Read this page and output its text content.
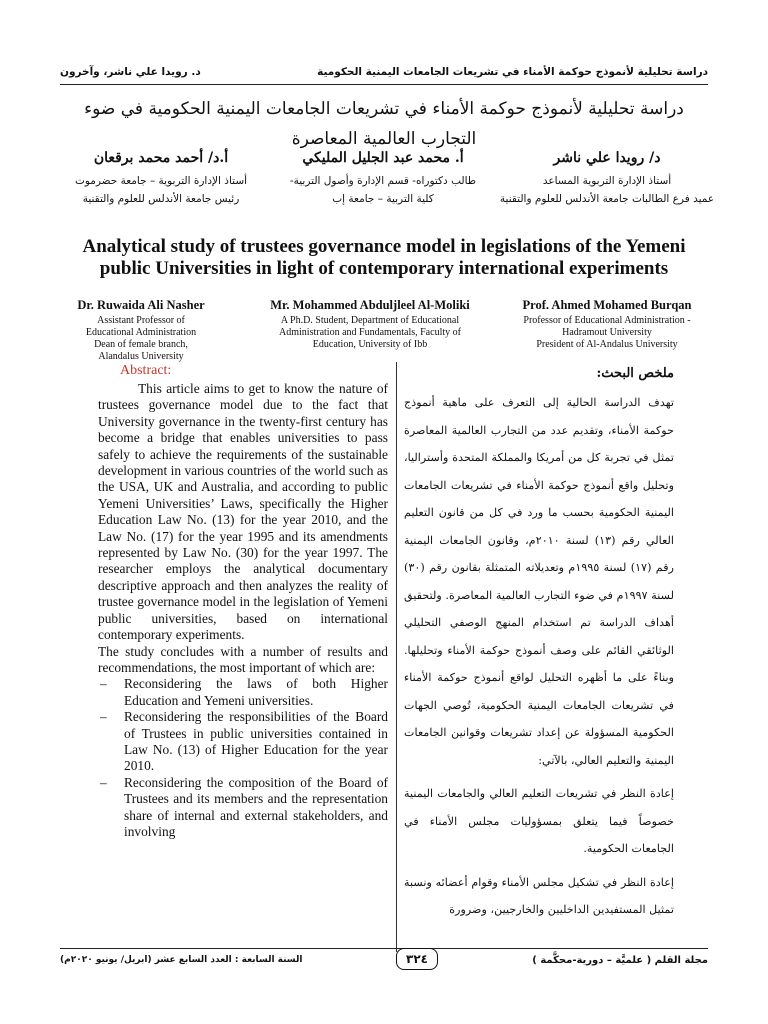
دراسة تحليلية لأنموذج حوكمة الأمناء في تشريعات الجامعات اليمنية الحكومية
د. رويدا علي ناشر، وآخرون
دراسة تحليلية لأنموذج حوكمة الأمناء في تشريعات الجامعات اليمنية الحكومية في ضوء التجارب العالمية المعاصرة
د/ رويدا علي ناشر
أستاذ الإدارة التربوية المساعد
عميد فرع الطالبات جامعة الأندلس للعلوم والتقنية
أ. محمد عبد الجليل المليكي
طالب دكتوراه- قسم الإدارة وأصول التربية-
كلية التربية – جامعة إب
أ.د/ أحمد محمد برقعان
أستاذ الإدارة التربوية – جامعة حضرموت
رئيس جامعة الأندلس للعلوم والتقنية
Analytical study of trustees governance model in legislations of the Yemeni public Universities in light of contemporary international experiments
Dr. Ruwaida Ali Nasher
Assistant Professor of
Educational Administration
Dean of female branch,
Alandalus University
Mr. Mohammed Abduljleel Al-Moliki
A Ph.D. Student, Department of Educational
Administration and Fundamentals, Faculty of
Education, University of Ibb
Prof. Ahmed Mohamed Burqan
Professor of Educational Administration -
Hadramout University
President of Al-Andalus University
Abstract:

This article aims to get to know the nature of trustees governance model due to the fact that University governance in the twenty-first century has become a bridge that enables universities to pass safely to achieve the requirements of the sustainable development in various countries of the world such as the USA, UK and Australia, and according to public Yemeni Universities’ Laws, specifically the Higher Education Law No. (13) for the year 2010, and the Law No. (17) for the year 1995 and its amendments represented by Law No. (30) for the year 1997. The researcher employs the analytical documentary descriptive approach and then analyzes the reality of trustee governance model in the legislation of Yemeni public universities, based on international contemporary experiments.

The study concludes with a number of results and recommendations, the most important of which are:

– Reconsidering the laws of both Higher Education and Yemeni universities.
– Reconsidering the responsibilities of the Board of Trustees in public universities contained in Law No. (13) of Higher Education for the year 2010.
– Reconsidering the composition of the Board of Trustees and its members and the representation share of internal and external stakeholders, and involving
ملخص البحث:

تهدف الدراسة الحالية إلى التعرف على ماهية أنموذج حوكمة الأمناء، وتقديم عدد من التجارب العالمية المعاصرة تمثل في تجربة كل من أمريكا والمملكة المتحدة وأستراليا، وتحليل واقع أنموذج حوكمة الأمناء في تشريعات الجامعات اليمنية الحكومية بحسب ما ورد في كل من قانون التعليم العالي رقم (١٣) لسنة ٢٠١٠م، وقانون الجامعات اليمنية رقم (١٧) لسنة ١٩٩٥م وتعديلاته المتمثلة بقانون رقم (٣٠) لسنة ١٩٩٧م في ضوء التجارب العالمية المعاصرة. ولتحقيق أهداف الدراسة تم استخدام المنهج الوصفي التحليلي الوثائقي القائم على وصف أنموذج حوكمة الأمناء وتحليلها. وبناءً على ما أظهره التحليل لواقع أنموذج حوكمة الأمناء في تشريعات الجامعات اليمنية الحكومية، تُوصي الجهات الحكومية المسؤولة عن إعداد تشريعات وقوانين الجامعات اليمنية والتعليم العالي، بالآتي:

إعادة النظر في تشريعات التعليم العالي والجامعات اليمنية خصوصاً فيما يتعلق بمسؤوليات مجلس الأمناء في الجامعات الحكومية.

إعادة النظر في تشكيل مجلس الأمناء وقوام أعضائه ونسبة تمثيل المستفيدين الداخليين والخارجيين، وضرورة

مجلة القلم ( علميَّة – دورية-محكَّمة )
٣٢٤
السنة السابعة : العدد السابع عشر (ابريل/ يونيو ٢٠٢٠م)
